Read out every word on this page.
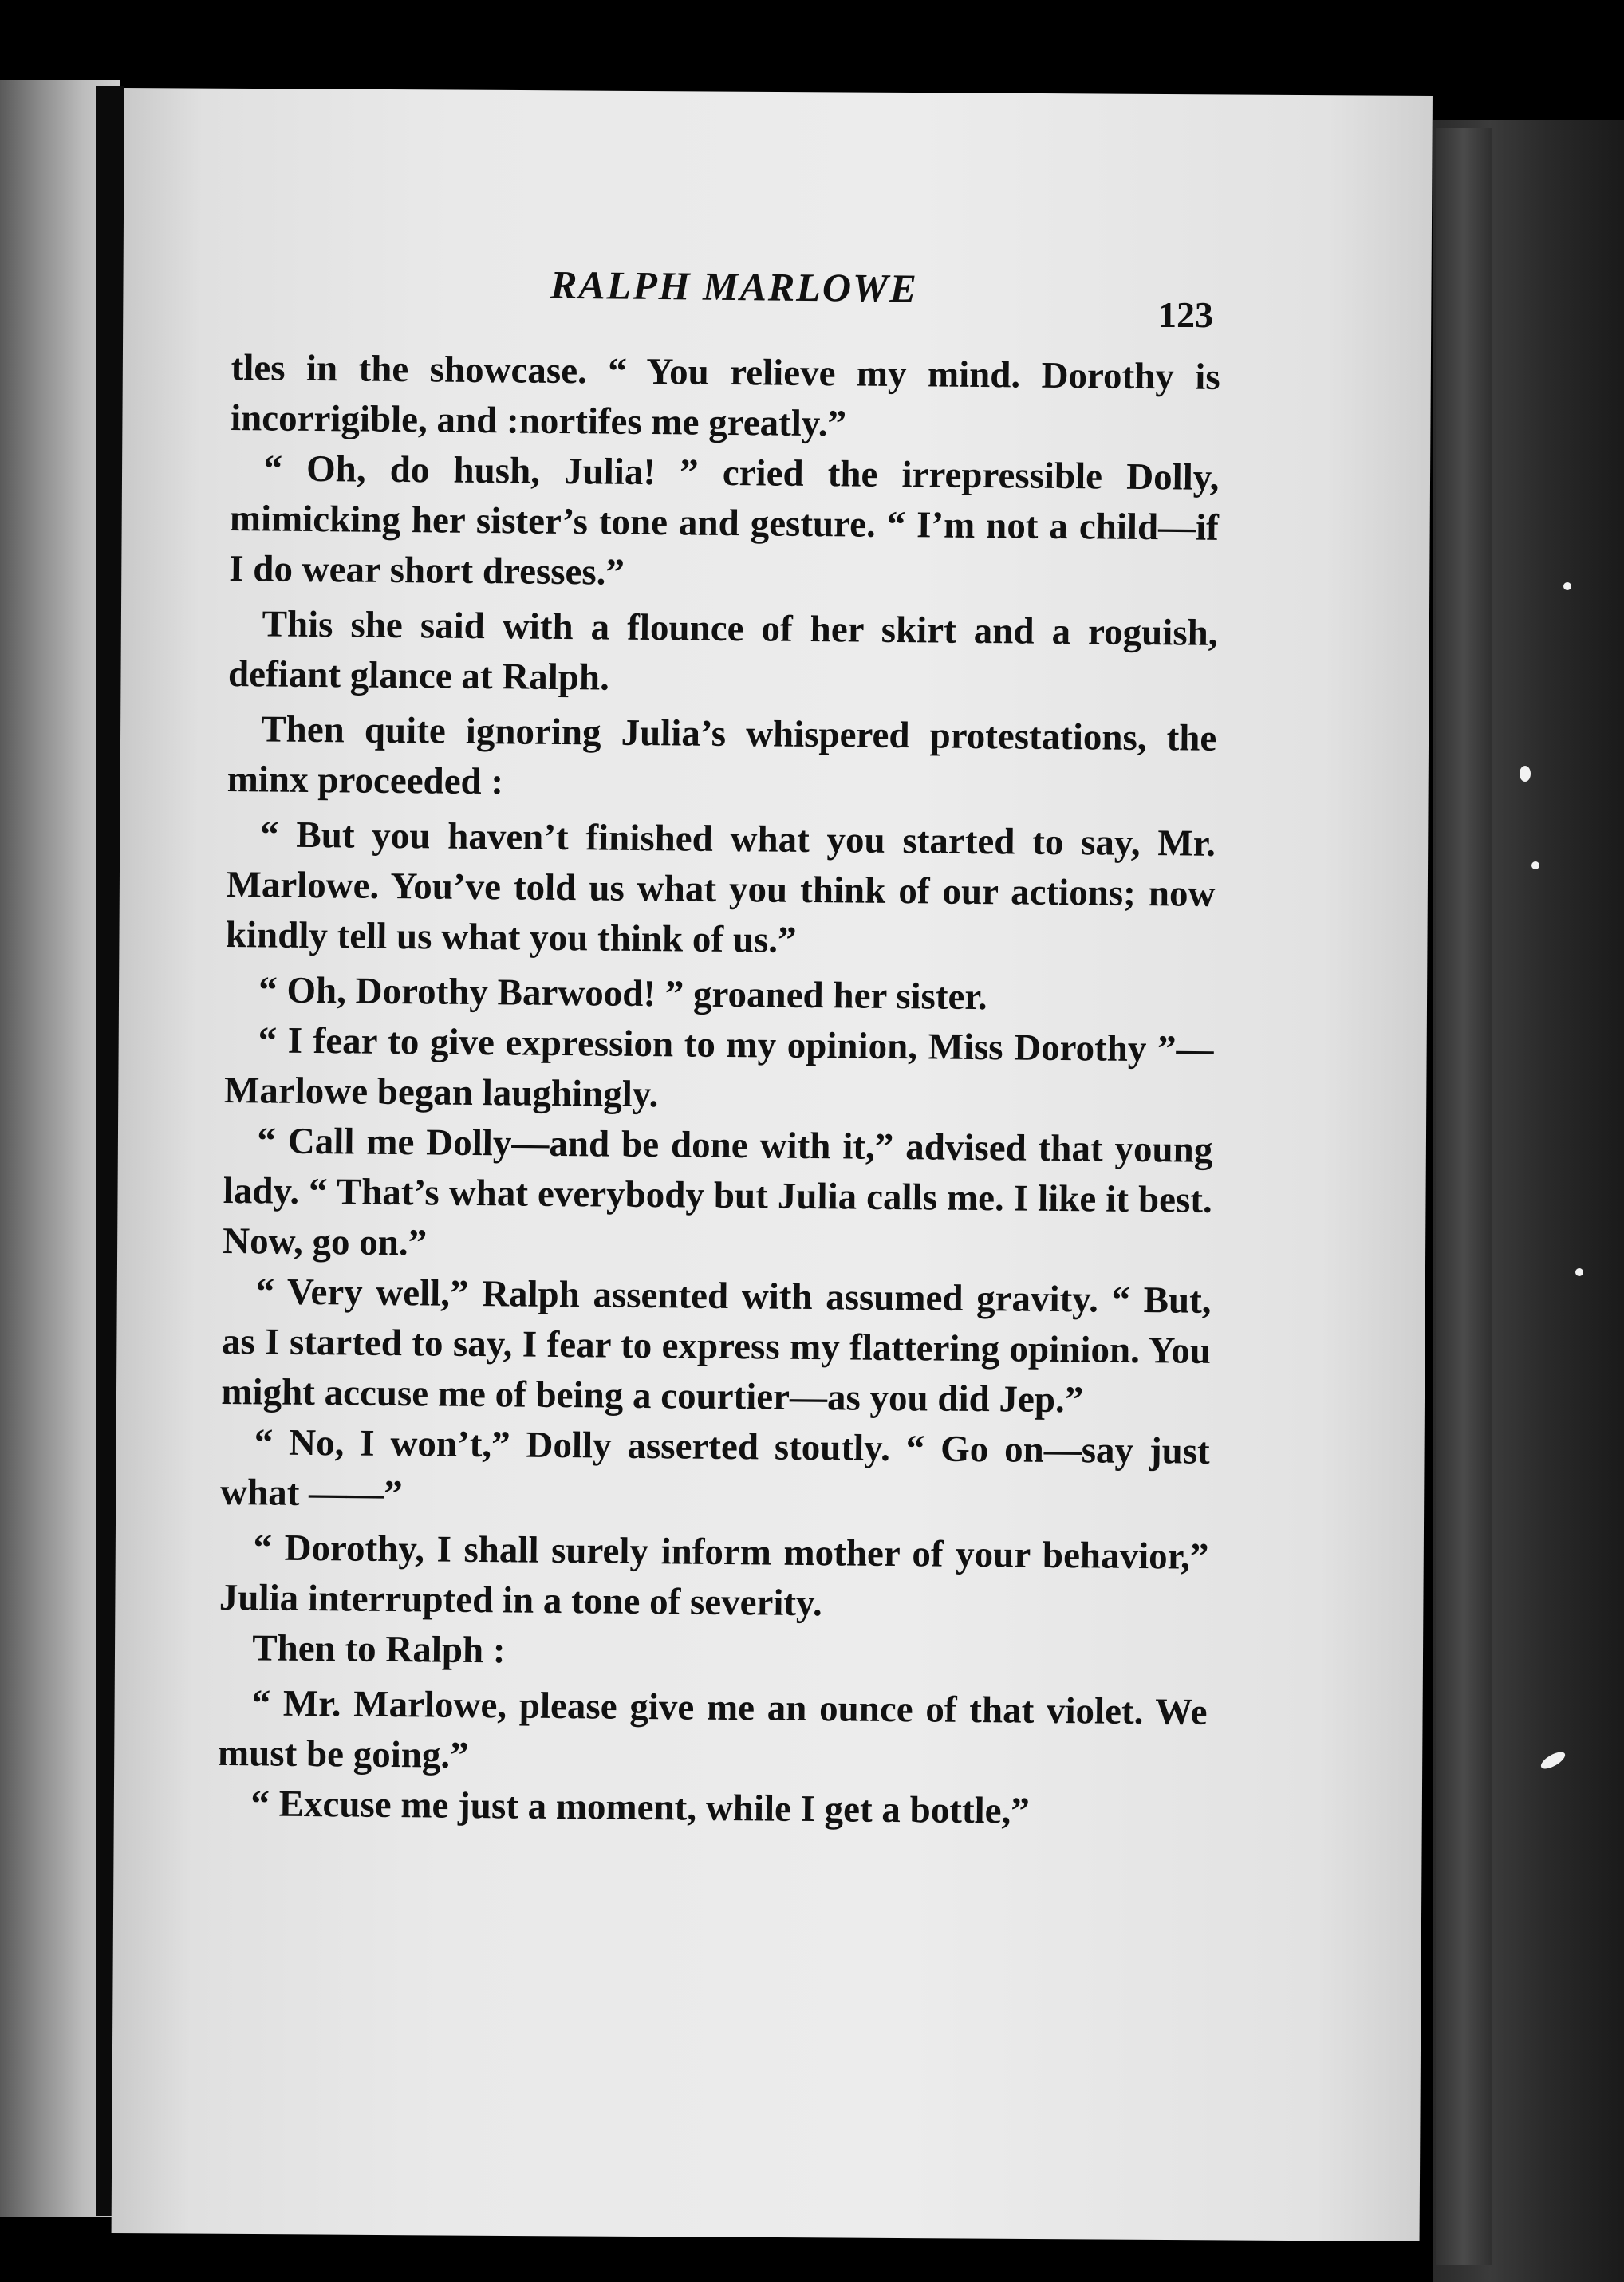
RALPH MARLOWE
123

tles in the showcase. “ You relieve my mind. Dorothy is incorrigible, and :nortifes me greatly.”

“ Oh, do hush, Julia! ” cried the irrepressible Dolly, mimicking her sister’s tone and gesture. “ I’m not a child—if I do wear short dresses.”

This she said with a flounce of her skirt and a roguish, defiant glance at Ralph.

Then quite ignoring Julia’s whispered protestations, the minx proceeded :

“ But you haven’t finished what you started to say, Mr. Marlowe. You’ve told us what you think of our actions; now kindly tell us what you think of us.”

“ Oh, Dorothy Barwood! ” groaned her sister.

“ I fear to give expression to my opinion, Miss Dorothy ”—Marlowe began laughingly.

“ Call me Dolly—and be done with it,” advised that young lady. “ That’s what everybody but Julia calls me. I like it best. Now, go on.”

“ Very well,” Ralph assented with assumed gravity. “ But, as I started to say, I fear to express my flattering opinion. You might accuse me of being a courtier—as you did Jep.”

“ No, I won’t,” Dolly asserted stoutly. “ Go on—say just what ——”

“ Dorothy, I shall surely inform mother of your behavior,” Julia interrupted in a tone of severity.

Then to Ralph :

“ Mr. Marlowe, please give me an ounce of that violet. We must be going.”

“ Excuse me just a moment, while I get a bottle,”
